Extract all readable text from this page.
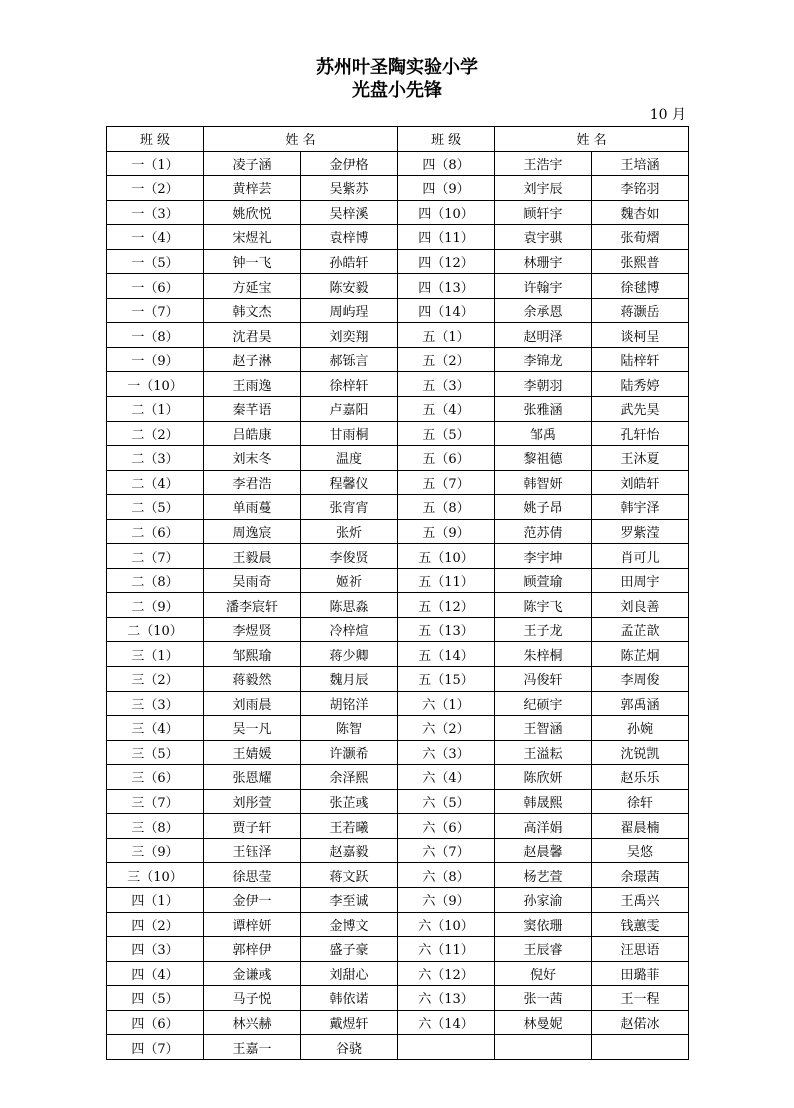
苏州叶圣陶实验小学
光盘小先锋
10 月
班 级	姓 名		班 级	姓 名	
一（1）	凌子涵	金伊格	四（8）	王浩宇	王培涵
一（2）	黄梓芸	吴紫苏	四（9）	刘宇辰	李铭羽
一（3）	姚欣悦	吴梓溪	四（10）	顾轩宇	魏杏如
一（4）	宋煜礼	袁梓博	四（11）	袁宇骐	张荀熠
一（5）	钟一飞	孙皓轩	四（12）	林珊宇	张熙普
一（6）	方延宝	陈安毅	四（13）	许翰宇	徐毬博
一（7）	韩文杰	周屿珵	四（14）	余承恩	蒋灏岳
一（8）	沈君昊	刘奕翔	五（1）	赵明泽	谈柯呈
一（9）	赵子淋	郝铄言	五（2）	李锦龙	陆梓轩
一（10）	王雨逸	徐梓轩	五（3）	李朝羽	陆秀婷
二（1）	秦芊语	卢嘉阳	五（4）	张雅涵	武先昊
二（2）	吕皓康	甘雨桐	五（5）	邹禹	孔轩怡
二（3）	刘末冬	温度	五（6）	黎祖德	王沐夏
二（4）	李君浩	程馨仪	五（7）	韩智妍	刘皓轩
二（5）	单雨蔓	张宵宵	五（8）	姚子昂	韩宇泽
二（6）	周逸宸	张炘	五（9）	范苏倩	罗紫滢
二（7）	王毅晨	李俊贤	五（10）	李宇坤	肖可儿
二（8）	吴雨奇	姬祈	五（11）	顾萱瑜	田周宇
二（9）	潘李宸轩	陈思淼	五（12）	陈宇飞	刘良善
二（10）	李煜贤	冷梓煊	五（13）	王子龙	孟芷歆
三（1）	邹熙瑜	蒋少卿	五（14）	朱梓桐	陈芷炯
三（2）	蒋毅然	魏月辰	五（15）	冯俊轩	李周俊
三（3）	刘雨晨	胡铭洋	六（1）	纪硕宇	郭禹涵
三（4）	吴一凡	陈智	六（2）	王智涵	孙婉
三（5）	王婧媛	许灏希	六（3）	王溢耘	沈锐凯
三（6）	张恩耀	余泽熙	六（4）	陈欣妍	赵乐乐
三（7）	刘彤萱	张芷彧	六（5）	韩晟熙	徐轩
三（8）	贾子轩	王若曦	六（6）	高洋娟	翟晨楠
三（9）	王钰泽	赵嘉毅	六（7）	赵晨馨	吴悠
三（10）	徐思莹	蒋文跃	六（8）	杨艺萱	余璟茜
四（1）	金伊一	李至诚	六（9）	孙家渝	王禹兴
四（2）	谭梓妍	金博文	六（10）	窦依珊	钱蕙雯
四（3）	郭梓伊	盛子豪	六（11）	王辰睿	汪思语
四（4）	金谦彧	刘甜心	六（12）	倪好	田璐菲
四（5）	马子悦	韩依诺	六（13）	张一茜	王一程
四（6）	林兴赫	戴煜轩	六（14）	林曼妮	赵偌冰
四（7）	王嘉一	谷骁			
